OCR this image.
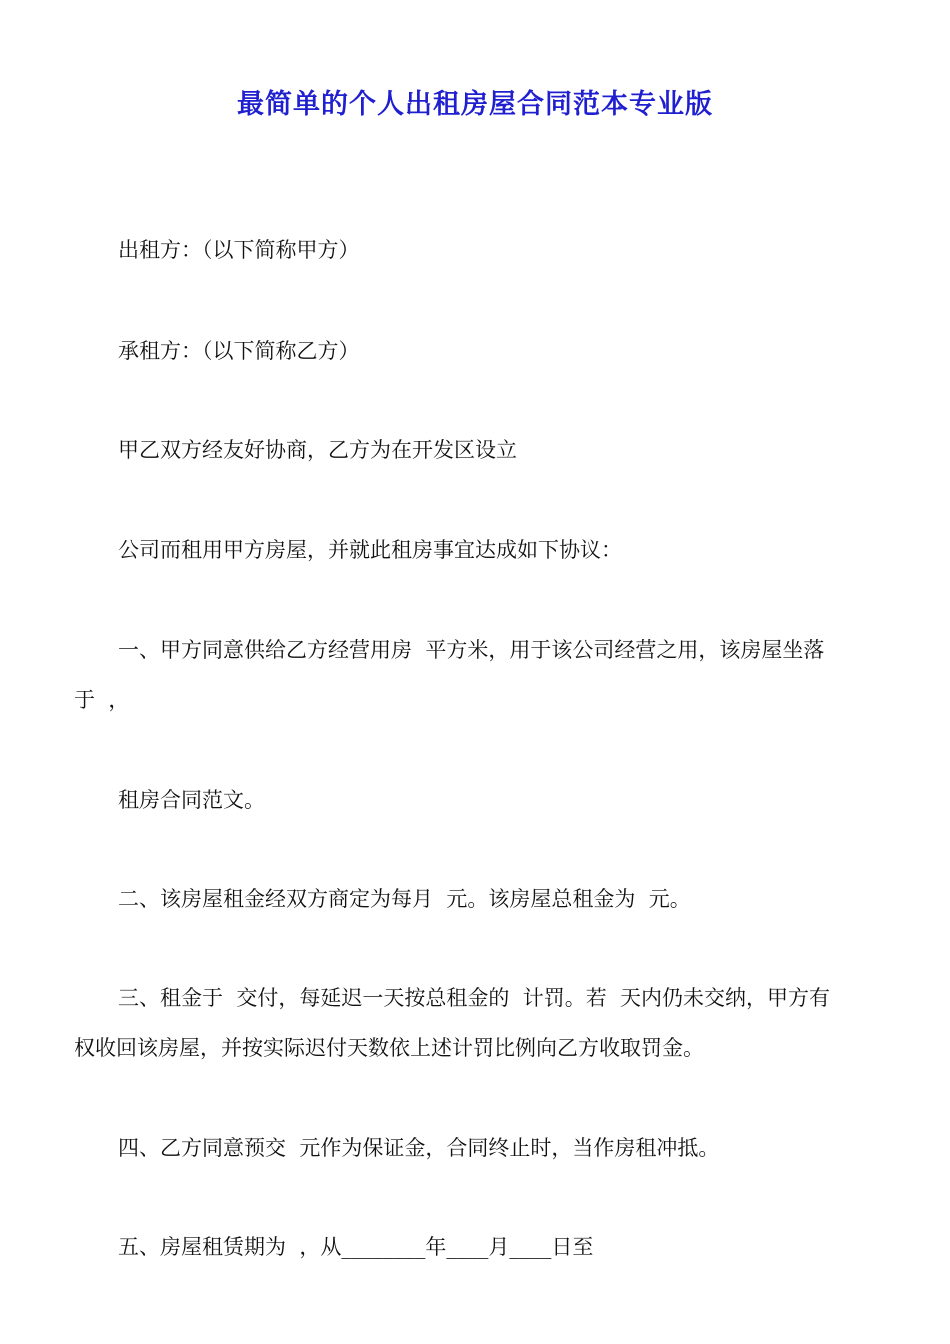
最简单的个人出租房屋合同范本专业版
出租方：（以下简称甲方）
承租方：（以下简称乙方）
甲乙双方经友好协商，乙方为在开发区设立
公司而租用甲方房屋，并就此租房事宜达成如下协议：
一、甲方同意供给乙方经营用房  平方米，用于该公司经营之用，该房屋坐落
于  ，
租房合同范文。
二、该房屋租金经双方商定为每月  元。该房屋总租金为  元。
三、租金于  交付，每延迟一天按总租金的  计罚。若  天内仍未交纳，甲方有
权收回该房屋，并按实际迟付天数依上述计罚比例向乙方收取罚金。
四、乙方同意预交  元作为保证金，合同终止时，当作房租冲抵。
五、房屋租赁期为  ，从________年____月____日至
